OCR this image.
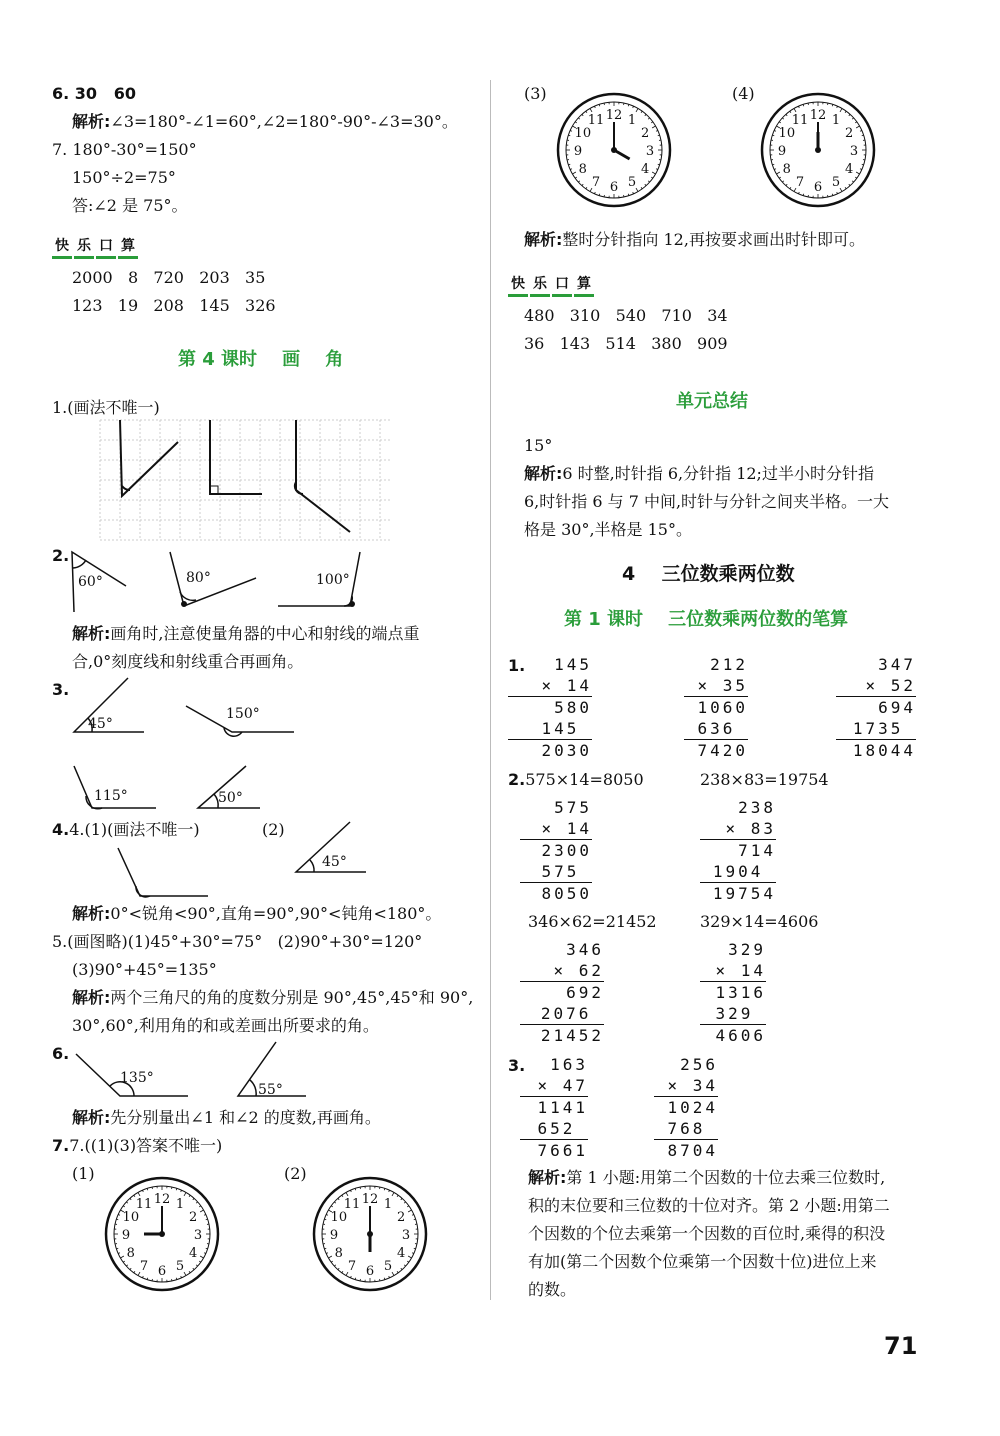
6. 30   60
解析:∠3=180°-∠1=60°,∠2=180°-90°-∠3=30°。
7. 180°-30°=150°
150°÷2=75°
答:∠2 是 75°。
快 乐 口 算
2000   8   720   203   35
123   19   208   145   326
第 4 课时    画    角
1.(画法不唯一)
2.
60°	80°	100°
解析:画角时,注意使量角器的中心和射线的端点重
合,0°刻度线和射线重合再画角。
3.
45°
150°
115°	50°
4.4.(1)(画法不唯一)	(2)
45°
解析:0°<锐角<90°,直角=90°,90°<钝角<180°。
5.(画图略)(1)45°+30°=75°   (2)90°+30°=120°
(3)90°+45°=135°
解析:两个三角尺的角的度数分别是 90°,45°,45°和 90°,
30°,60°,利用角的和或差画出所要求的角。
6.
135°
55°
解析:先分别量出∠1 和∠2 的度数,再画角。
7.7.((1)(3)答案不唯一)
(1)	(2)
12 1
2
3
4
5
6
7
8
9
10
11	12 1
2
3
4
5
6
7
8
9
10
11
(3)	(4)
12 1
2
3
4
5
6
7
8
9
10
11	12 1
2
3
4
5
6
7
8
9
10
11
解析:整时分针指向 12,再按要求画出时针即可。
快 乐 口 算
480   310   540   710   34
36   143   514   380   909
单元总结
15°
解析:6 时整,时针指 6,分针指 12;过半小时分针指
6,时针指 6 与 7 中间,时针与分针之间夹半格。一大
格是 30°,半格是 15°。
4    三位数乘两位数
第 1 课时    三位数乘两位数的笔算
1.	145
× 14
580
145
2030
212
× 35
1060
636
7420
347
× 52
694
1735
18044
2.575×14=8050	238×83=19754
575
× 14
2300
575
8050
238
× 83
714
1904
19754
346×62=21452	329×14=4606
346
× 62
692
2076
21452
329
× 14
1316
329
4606
3.	163
× 47
1141
652
7661
256
× 34
1024
768
8704
解析:第 1 小题:用第二个因数的十位去乘三位数时,
积的末位要和三位数的十位对齐。第 2 小题:用第二
个因数的个位去乘第一个因数的百位时,乘得的积没
有加(第二个因数个位乘第一个因数十位)进位上来
的数。
71
